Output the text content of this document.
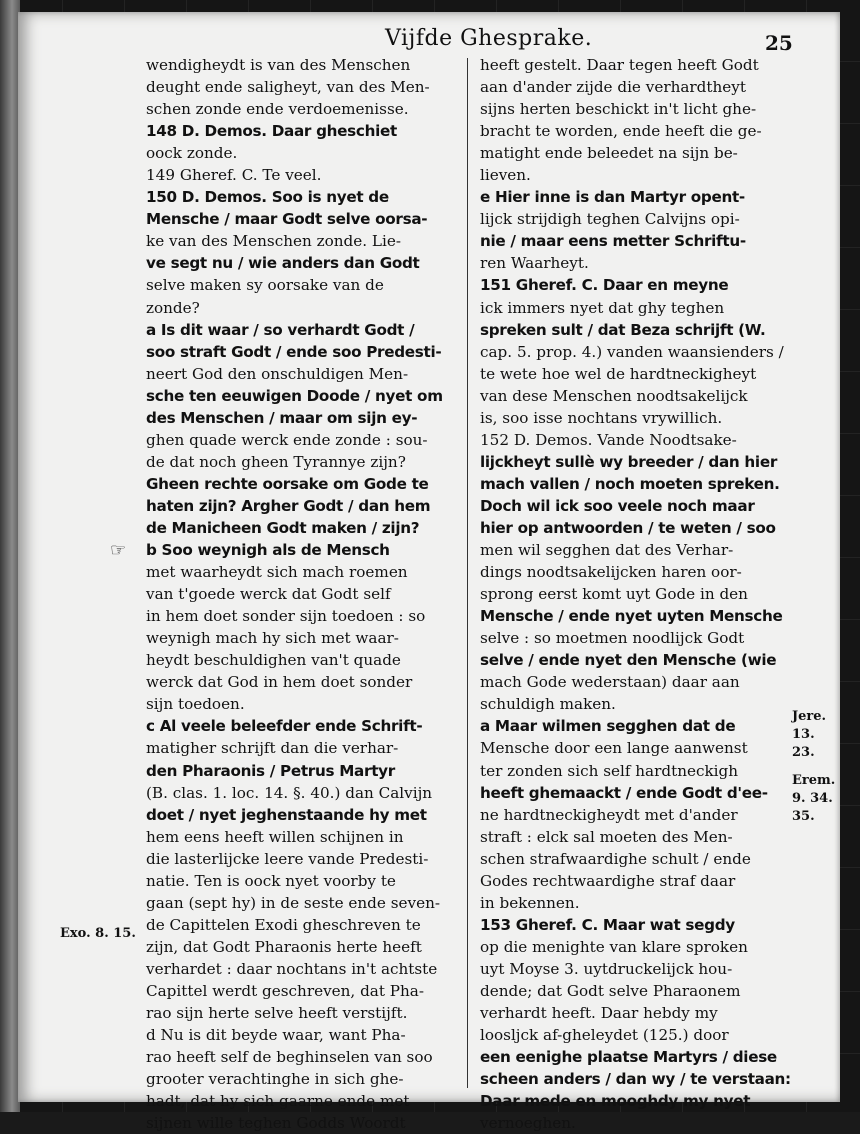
Vijfde Ghesprake.	25
wendigheydt is van des Menschen
deught ende saligheyt, van des Men-
schen zonde ende verdoemenisse.
148 D. Demos. Daar gheschiet
oock zonde.
149 Gheref. C. Te veel.
150 D. Demos. Soo is nyet de
Mensche / maar Godt selve oorsa-
ke van des Menschen zonde. Lie-
ve segt nu / wie anders dan Godt
selve maken sy oorsake van de
zonde?
a Is dit waar / so verhardt Godt /
soo straft Godt / ende soo Predesti-
neert God den onschuldigen Men-
sche ten eeuwigen Doode / nyet om
des Menschen / maar om sijn ey-
ghen quade werck ende zonde : sou-
de dat noch gheen Tyrannye zijn?
Gheen rechte oorsake om Gode te
haten zijn? Argher Godt / dan hem
de Manicheen Godt maken / zijn?
b Soo weynigh als de Mensch
met waarheydt sich mach roemen
van t'goede werck dat Godt self
in hem doet sonder sijn toedoen : so
weynigh mach hy sich met waar-
heydt beschuldighen van't quade
werck dat God in hem doet sonder
sijn toedoen.
c Al veele beleefder ende Schrift-
matigher schrijft dan die verhar-
den Pharaonis / Petrus Martyr
(B. clas. 1. loc. 14. §. 40.) dan Calvijn
doet / nyet jeghenstaande hy met
hem eens heeft willen schijnen in
die lasterlijcke leere vande Predesti-
natie. Ten is oock nyet voorby te
gaan (sept hy) in de seste ende seven-
de Capittelen Exodi gheschreven te
zijn, dat Godt Pharaonis herte heeft
verhardet : daar nochtans in't achtste
Capittel werdt geschreven, dat Pha-
rao sijn herte selve heeft verstijft.
d Nu is dit beyde waar, want Pha-
rao heeft self de beghinselen van soo
grooter verachtinghe in sich ghe-
hadt, dat hy sich gaarne ende met
sijnen wille teghen Godds Woordt
heeft gestelt. Daar tegen heeft Godt
aan d'ander zijde die verhardtheyt
sijns herten beschickt in't licht ghe-
bracht te worden, ende heeft die ge-
matight ende beleedet na sijn be-
lieven.
e Hier inne is dan Martyr opent-
lijck strijdigh teghen Calvijns opi-
nie / maar eens metter Schriftu-
ren Waarheyt.
151 Gheref. C. Daar en meyne
ick immers nyet dat ghy teghen
spreken sult / dat Beza schrijft (W.
cap. 5. prop. 4.) vanden waansienders /
te wete hoe wel de hardtneckigheyt
van dese Menschen noodtsakelijck
is, soo isse nochtans vrywillich.
152 D. Demos. Vande Noodtsake-
lijckheyt sullè wy breeder / dan hier
mach vallen / noch moeten spreken.
Doch wil ick soo veele noch maar
hier op antwoorden / te weten / soo
men wil segghen dat des Verhar-
dings noodtsakelijcken haren oor-
sprong eerst komt uyt Gode in den
Mensche / ende nyet uyten Mensche
selve : so moetmen noodlijck Godt
selve / ende nyet den Mensche (wie
mach Gode wederstaan) daar aan
schuldigh maken.
a Maar wilmen segghen dat de
Mensche door een lange aanwenst
ter zonden sich self hardtneckigh
heeft ghemaackt / ende Godt d'ee-
ne hardtneckigheydt met d'ander
straft : elck sal moeten des Men-
schen strafwaardighe schult / ende
Godes rechtwaardighe straf daar
in bekennen.
153 Gheref. C. Maar wat segdy
op die menighte van klare sproken
uyt Moyse 3. uytdruckelijck hou-
dende; dat Godt selve Pharaonem
verhardt heeft. Daar hebdy my
loosljck af-gheleydet (125.) door
een eenighe plaatse Martyrs / diese
scheen anders / dan wy / te verstaan:
Daar mede en mooghdy my nyet
vernoeghen.
☞
Exo. 8. 15.
Jere. 13. 23.
Erem. 9. 34. 35.
